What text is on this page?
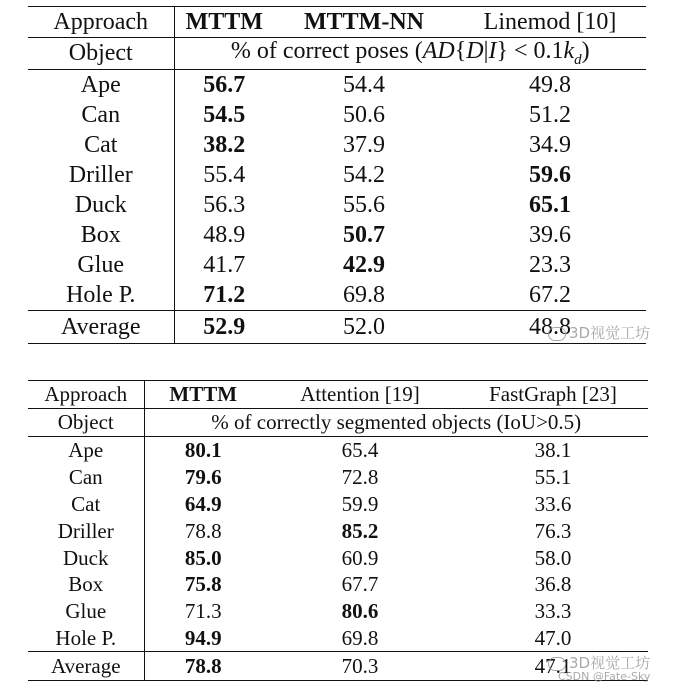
Approach	MTTM	MTTM-NN	Linemod [10]
Object	% of correct poses $(AD\{D|I\} < 0.1k_d)$		
Ape	56.7	54.4	49.8
Can	54.5	50.6	51.2
Cat	38.2	37.9	34.9
Driller	55.4	54.2	59.6
Duck	56.3	55.6	65.1
Box	48.9	50.7	39.6
Glue	41.7	42.9	23.3
Hole P.	71.2	69.8	67.2
Average	52.9	52.0	48.8
Approach	MTTM	Attention [19]	FastGraph [23]
Object	% of correctly segmented objects (IoU>0.5)		
Ape	80.1	65.4	38.1
Can	79.6	72.8	55.1
Cat	64.9	59.9	33.6
Driller	78.8	85.2	76.3
Duck	85.0	60.9	58.0
Box	75.8	67.7	36.8
Glue	71.3	80.6	33.3
Hole P.	94.9	69.8	47.0
Average	78.8	70.3	47.1
3D视觉工坊
3D视觉工坊
CSDN @Fate-Sky
